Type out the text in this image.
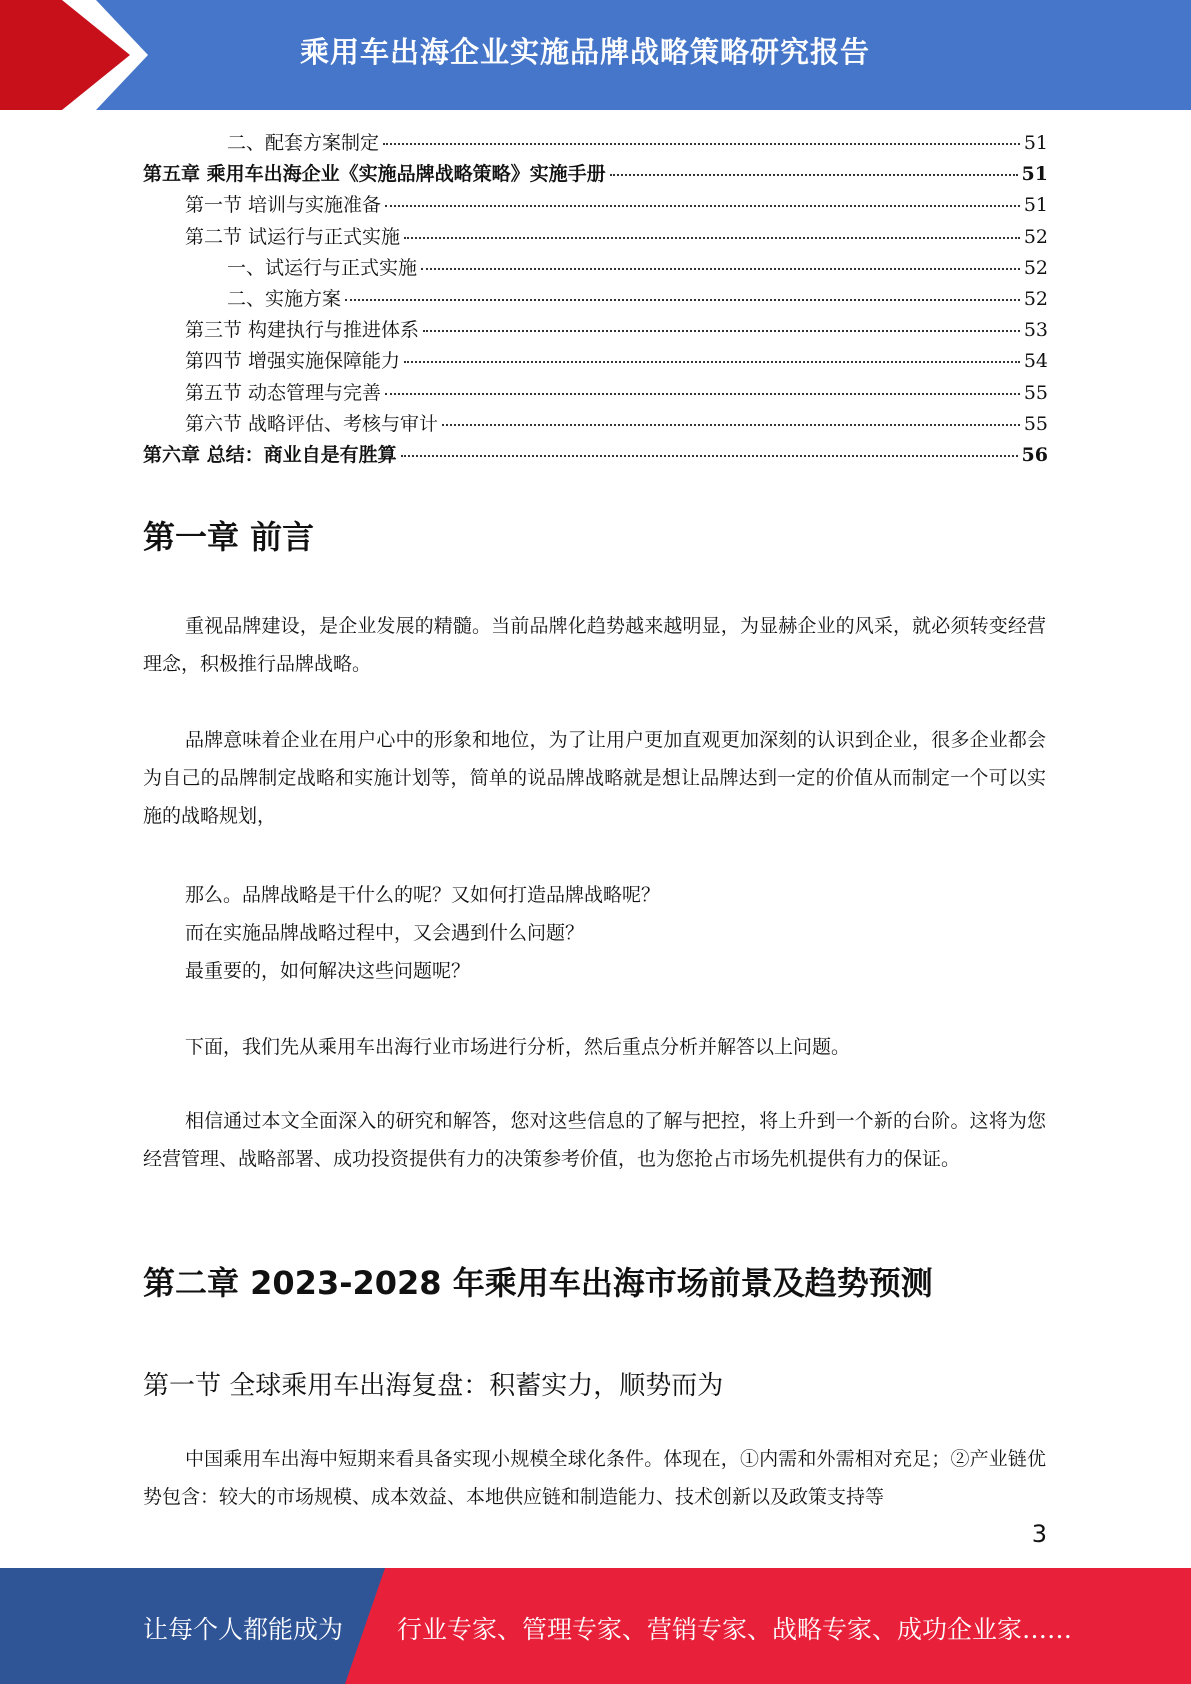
乘用车出海企业实施品牌战略策略研究报告
二、配套方案制定	51
第五章 乘用车出海企业《实施品牌战略策略》实施手册	51
第一节 培训与实施准备	51
第二节 试运行与正式实施	52
一、试运行与正式实施	52
二、实施方案	52
第三节 构建执行与推进体系	53
第四节 增强实施保障能力	54
第五节 动态管理与完善	55
第六节 战略评估、考核与审计	55
第六章 总结：商业自是有胜算	56
第一章 前言

重视品牌建设，是企业发展的精髓。当前品牌化趋势越来越明显，为显赫企业的风采，就必须转变经营理念，积极推行品牌战略。

品牌意味着企业在用户心中的形象和地位，为了让用户更加直观更加深刻的认识到企业，很多企业都会为自己的品牌制定战略和实施计划等，简单的说品牌战略就是想让品牌达到一定的价值从而制定一个可以实施的战略规划，

那么。品牌战略是干什么的呢？又如何打造品牌战略呢？
而在实施品牌战略过程中，又会遇到什么问题？
最重要的，如何解决这些问题呢？
下面，我们先从乘用车出海行业市场进行分析，然后重点分析并解答以上问题。

相信通过本文全面深入的研究和解答，您对这些信息的了解与把控，将上升到一个新的台阶。这将为您经营管理、战略部署、成功投资提供有力的决策参考价值，也为您抢占市场先机提供有力的保证。

第二章 2023-2028 年乘用车出海市场前景及趋势预测
第一节 全球乘用车出海复盘：积蓄实力，顺势而为

中国乘用车出海中短期来看具备实现小规模全球化条件。体现在，①内需和外需相对充足；②产业链优势包含：较大的市场规模、成本效益、本地供应链和制造能力、技术创新以及政策支持等

3
让每个人都能成为 行业专家、管理专家、营销专家、战略专家、成功企业家……
